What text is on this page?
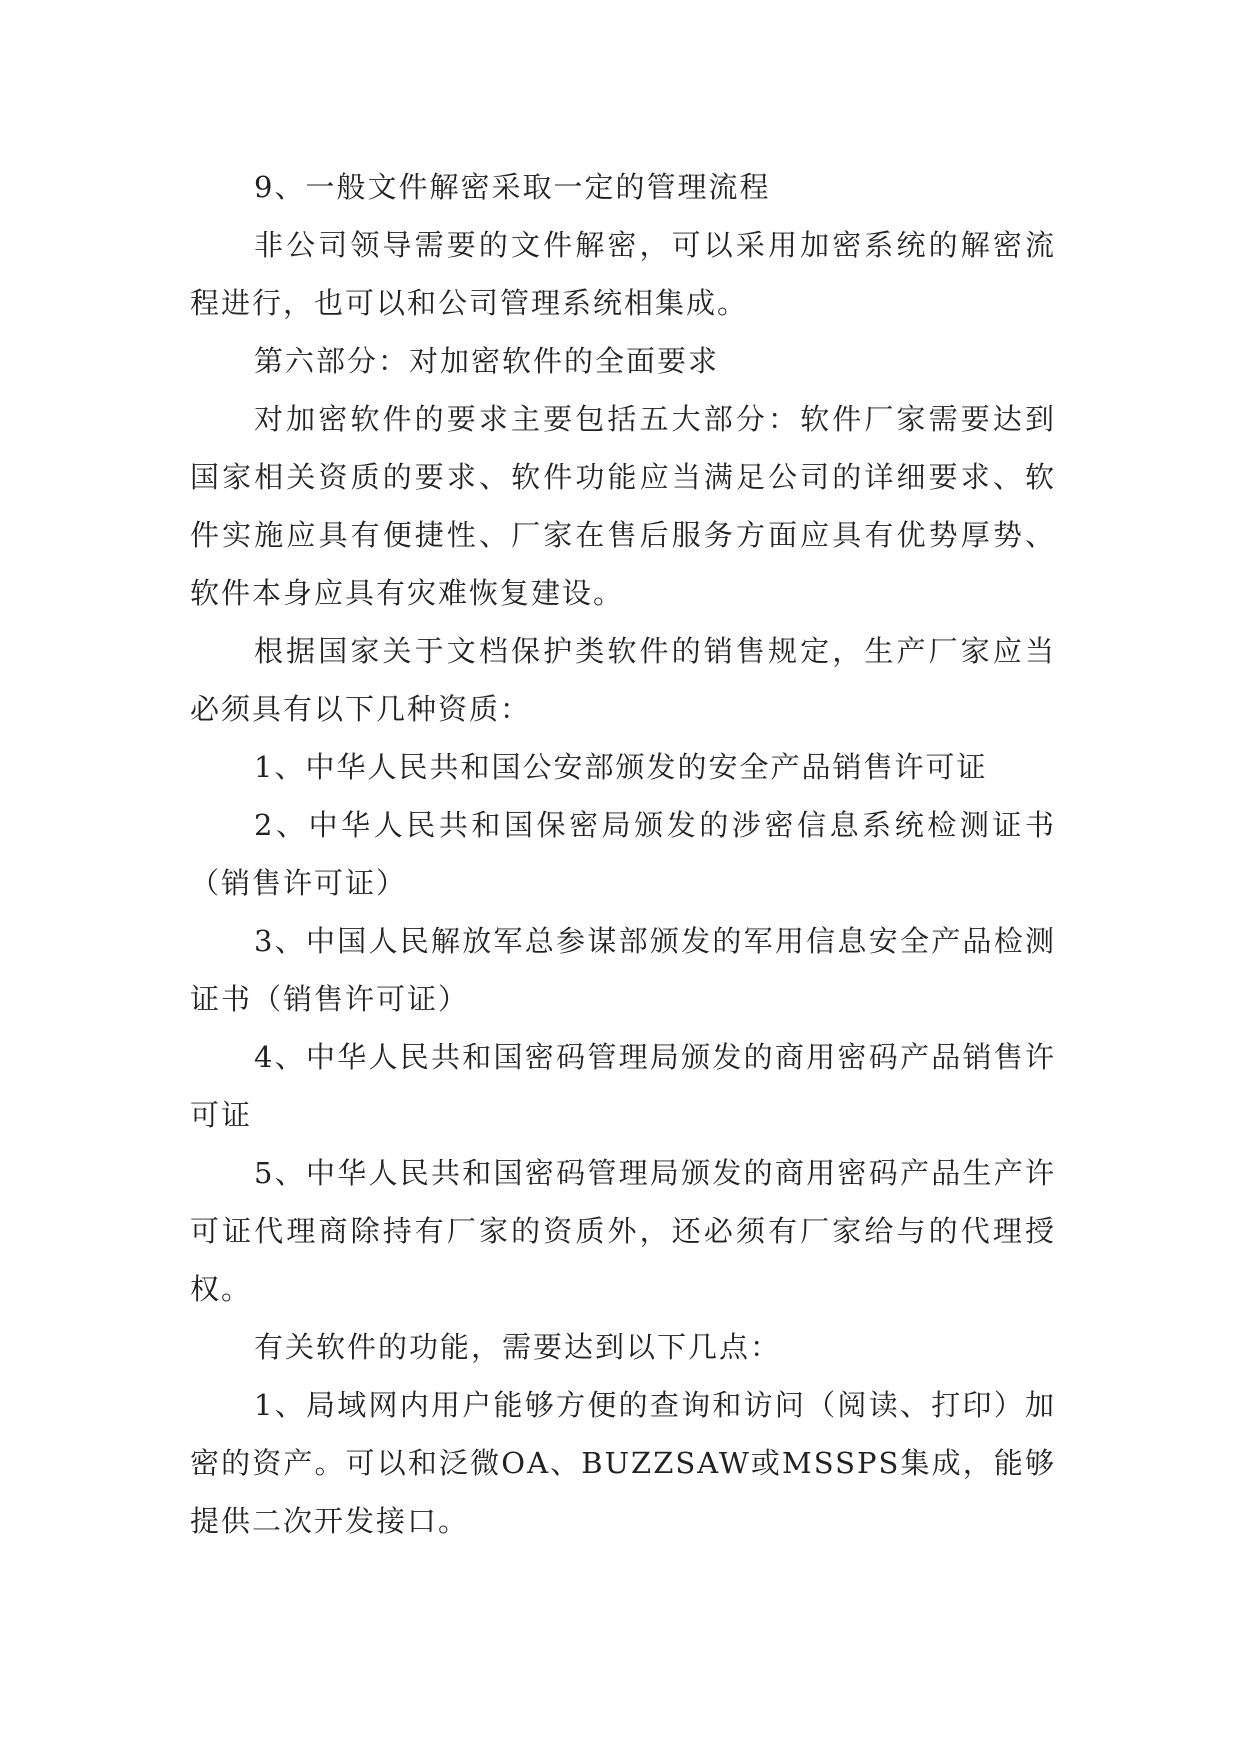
9、一般文件解密采取一定的管理流程

非公司领导需要的文件解密，可以采用加密系统的解密流程进行，也可以和公司管理系统相集成。

第六部分：对加密软件的全面要求

对加密软件的要求主要包括五大部分：软件厂家需要达到国家相关资质的要求、软件功能应当满足公司的详细要求、软件实施应具有便捷性、厂家在售后服务方面应具有优势厚势、软件本身应具有灾难恢复建设。

根据国家关于文档保护类软件的销售规定，生产厂家应当必须具有以下几种资质：

1、中华人民共和国公安部颁发的安全产品销售许可证

2、中华人民共和国保密局颁发的涉密信息系统检测证书（销售许可证）

3、中国人民解放军总参谋部颁发的军用信息安全产品检测证书（销售许可证）

4、中华人民共和国密码管理局颁发的商用密码产品销售许可证

5、中华人民共和国密码管理局颁发的商用密码产品生产许可证代理商除持有厂家的资质外，还必须有厂家给与的代理授权。

有关软件的功能，需要达到以下几点：

1、局域网内用户能够方便的查询和访问（阅读、打印）加密的资产。可以和泛微OA、BUZZSAW或MSSPS集成，能够提供二次开发接口。
